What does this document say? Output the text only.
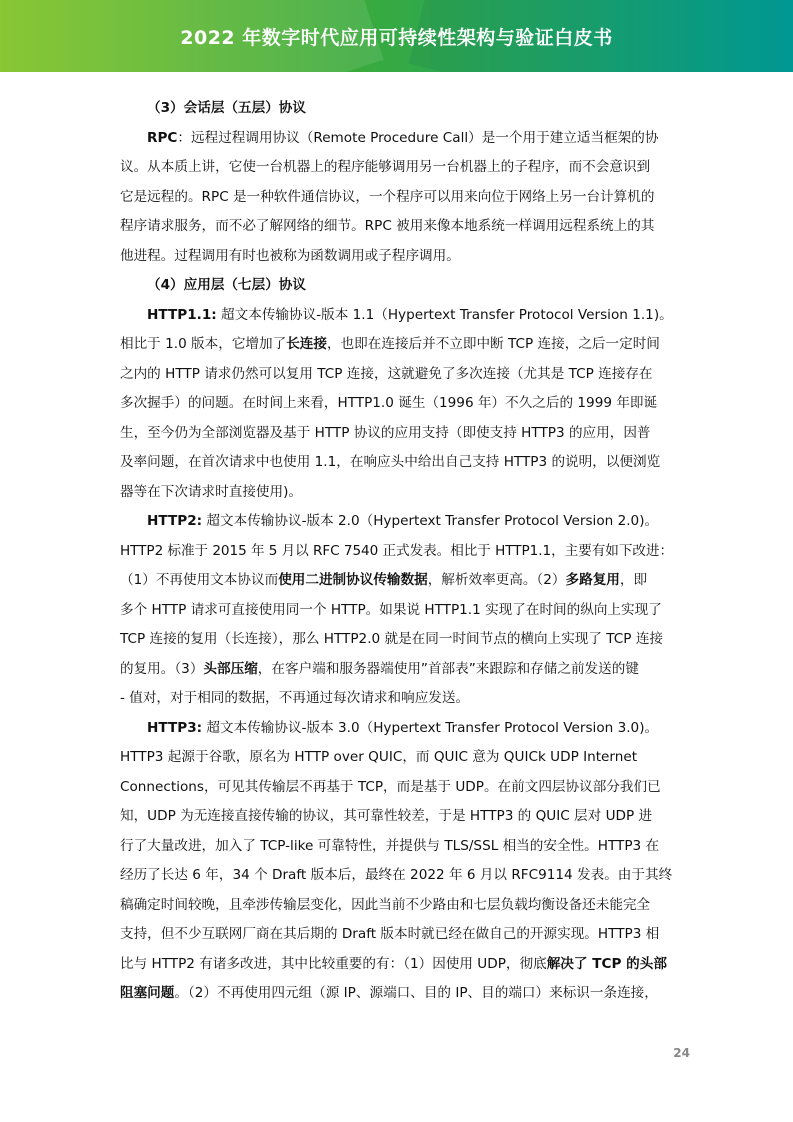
2022 年数字时代应用可持续性架构与验证白皮书
（3）会话层（五层）协议
RPC：远程过程调用协议（Remote Procedure Call）是一个用于建立适当框架的协
议。从本质上讲，它使一台机器上的程序能够调用另一台机器上的子程序，而不会意识到
它是远程的。RPC 是一种软件通信协议，一个程序可以用来向位于网络上另一台计算机的
程序请求服务，而不必了解网络的细节。RPC 被用来像本地系统一样调用远程系统上的其
他进程。过程调用有时也被称为函数调用或子程序调用。
（4）应用层（七层）协议
HTTP1.1: 超文本传输协议-版本 1.1（Hypertext Transfer Protocol Version 1.1)。
相比于 1.0 版本，它增加了长连接，也即在连接后并不立即中断 TCP 连接，之后一定时间
之内的 HTTP 请求仍然可以复用 TCP 连接，这就避免了多次连接（尤其是 TCP 连接存在
多次握手）的问题。在时间上来看，HTTP1.0 诞生（1996 年）不久之后的 1999 年即诞
生，至今仍为全部浏览器及基于 HTTP 协议的应用支持（即使支持 HTTP3 的应用，因普
及率问题，在首次请求中也使用 1.1，在响应头中给出自己支持 HTTP3 的说明，以便浏览
器等在下次请求时直接使用)。
HTTP2: 超文本传输协议-版本 2.0（Hypertext Transfer Protocol Version 2.0)。
HTTP2 标准于 2015 年 5 月以 RFC 7540 正式发表。相比于 HTTP1.1，主要有如下改进：
（1）不再使用文本协议而使用二进制协议传输数据，解析效率更高。（2）多路复用，即
多个 HTTP 请求可直接使用同一个 HTTP。如果说 HTTP1.1 实现了在时间的纵向上实现了
TCP 连接的复用（长连接），那么 HTTP2.0 就是在同一时间节点的横向上实现了 TCP 连接
的复用。（3）头部压缩，在客户端和服务器端使用”首部表”来跟踪和存储之前发送的键
- 值对，对于相同的数据，不再通过每次请求和响应发送。
HTTP3: 超文本传输协议-版本 3.0（Hypertext Transfer Protocol Version 3.0)。
HTTP3 起源于谷歌，原名为 HTTP over QUIC，而 QUIC 意为 QUICk UDP Internet
Connections，可见其传输层不再基于 TCP，而是基于 UDP。在前文四层协议部分我们已
知，UDP 为无连接直接传输的协议，其可靠性较差，于是 HTTP3 的 QUIC 层对 UDP 进
行了大量改进，加入了 TCP-like 可靠特性，并提供与 TLS/SSL 相当的安全性。HTTP3 在
经历了长达 6 年，34 个 Draft 版本后，最终在 2022 年 6 月以 RFC9114 发表。由于其终
稿确定时间较晚，且牵涉传输层变化，因此当前不少路由和七层负载均衡设备还未能完全
支持，但不少互联网厂商在其后期的 Draft 版本时就已经在做自己的开源实现。HTTP3 相
比与 HTTP2 有诸多改进，其中比较重要的有：（1）因使用 UDP，彻底解决了 TCP 的头部
阻塞问题。（2）不再使用四元组（源 IP、源端口、目的 IP、目的端口）来标识一条连接，
24
